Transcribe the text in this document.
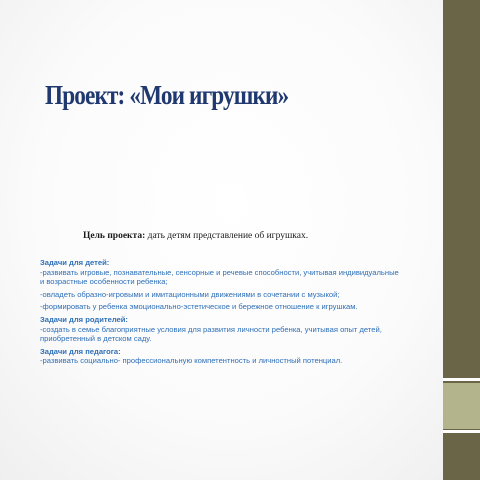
Проект: «Мои игрушки»
Цель проекта: дать детям представление об игрушках.

Задачи для детей:

-развивать игровые, познавательные, сенсорные и речевые способности, учитывая индивидуальные и возрастные особенности ребенка;

-овладеть образно-игровыми и имитационными движениями в сочетании с музыкой;

-формировать у ребенка эмоционально-эстетическое и бережное отношение к игрушкам.

Задачи для родителей:

-создать в семье благоприятные условия для развития личности ребенка, учитывая опыт детей, приобретенный в детском саду.

Задачи для педагога:

-развивать социально- профессиональную компетентность и личностный потенциал.
